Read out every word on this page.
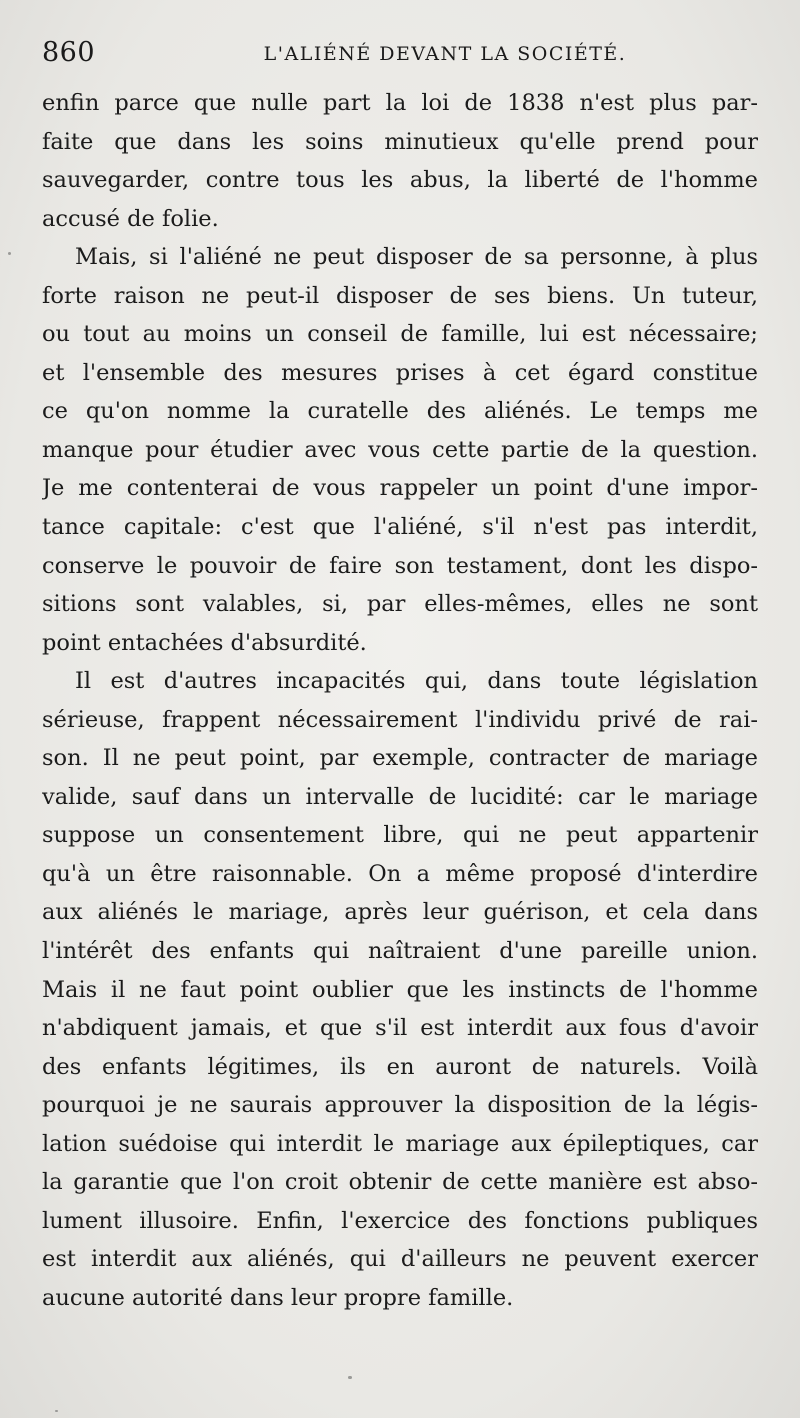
860	L'ALIÉNÉ DEVANT LA SOCIÉTÉ.
enfin parce que nulle part la loi de 1838 n'est plus par-
faite que dans les soins minutieux qu'elle prend pour
sauvegarder, contre tous les abus, la liberté de l'homme
accusé de folie.
Mais, si l'aliéné ne peut disposer de sa personne, à plus
forte raison ne peut-il disposer de ses biens. Un tuteur,
ou tout au moins un conseil de famille, lui est nécessaire;
et l'ensemble des mesures prises à cet égard constitue
ce qu'on nomme la curatelle des aliénés. Le temps me
manque pour étudier avec vous cette partie de la question.
Je me contenterai de vous rappeler un point d'une impor-
tance capitale: c'est que l'aliéné, s'il n'est pas interdit,
conserve le pouvoir de faire son testament, dont les dispo-
sitions sont valables, si, par elles-mêmes, elles ne sont
point entachées d'absurdité.
Il est d'autres incapacités qui, dans toute législation
sérieuse, frappent nécessairement l'individu privé de rai-
son. Il ne peut point, par exemple, contracter de mariage
valide, sauf dans un intervalle de lucidité: car le mariage
suppose un consentement libre, qui ne peut appartenir
qu'à un être raisonnable. On a même proposé d'interdire
aux aliénés le mariage, après leur guérison, et cela dans
l'intérêt des enfants qui naîtraient d'une pareille union.
Mais il ne faut point oublier que les instincts de l'homme
n'abdiquent jamais, et que s'il est interdit aux fous d'avoir
des enfants légitimes, ils en auront de naturels. Voilà
pourquoi je ne saurais approuver la disposition de la légis-
lation suédoise qui interdit le mariage aux épileptiques, car
la garantie que l'on croit obtenir de cette manière est abso-
lument illusoire. Enfin, l'exercice des fonctions publiques
est interdit aux aliénés, qui d'ailleurs ne peuvent exercer
aucune autorité dans leur propre famille.
